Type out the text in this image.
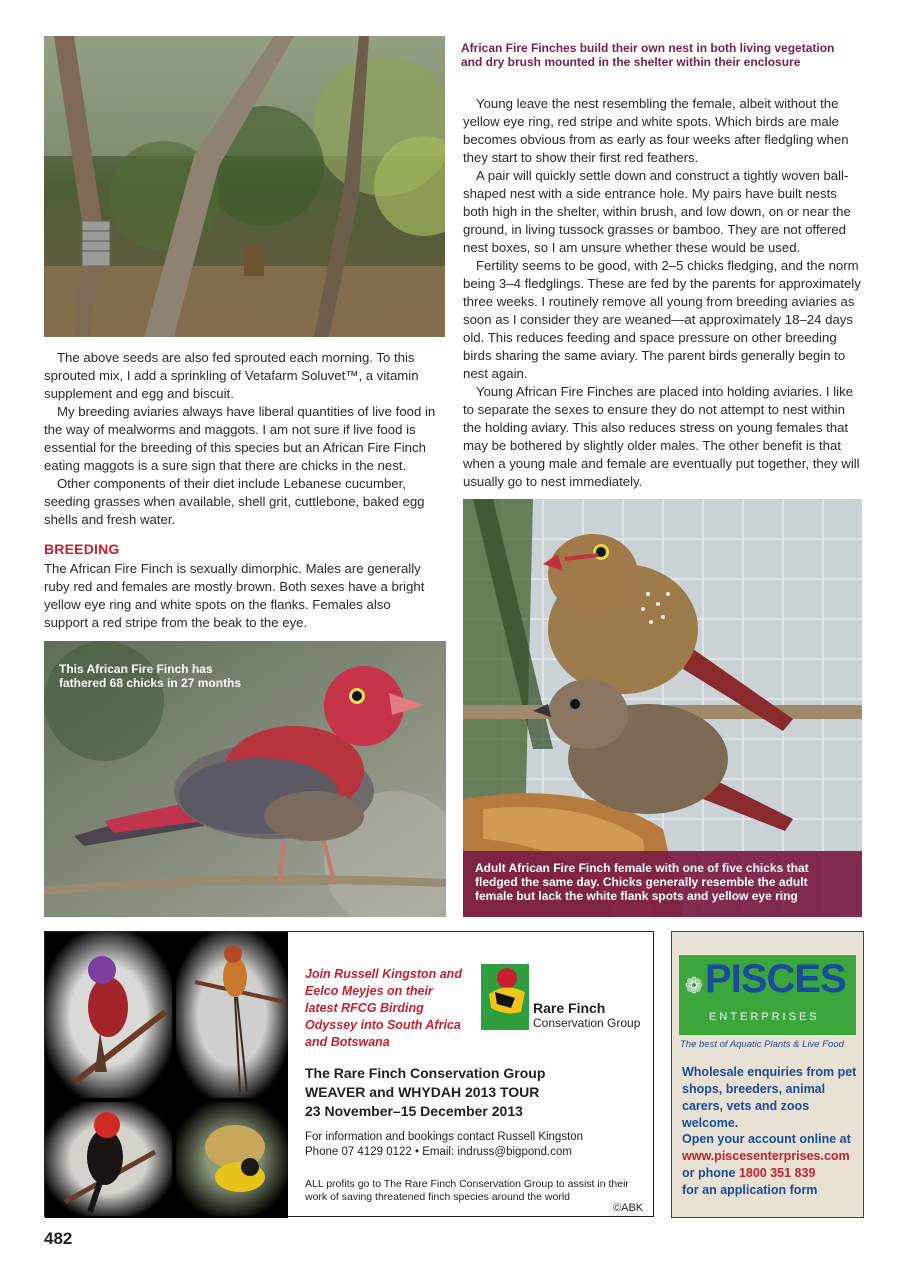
African Fire Finches build their own nest in both living vegetation and dry brush mounted in the shelter within their enclosure

Young leave the nest resembling the female, albeit without the yellow eye ring, red stripe and white spots. Which birds are male becomes obvious from as early as four weeks after fledgling when they start to show their first red feathers.

A pair will quickly settle down and construct a tightly woven ball-shaped nest with a side entrance hole. My pairs have built nests both high in the shelter, within brush, and low down, on or near the ground, in living tussock grasses or bamboo. They are not offered nest boxes, so I am unsure whether these would be used.

Fertility seems to be good, with 2–5 chicks fledging, and the norm being 3–4 fledglings. These are fed by the parents for approximately three weeks. I routinely remove all young from breeding aviaries as soon as I consider they are weaned—at approximately 18–24 days old. This reduces feeding and space pressure on other breeding birds sharing the same aviary. The parent birds generally begin to nest again.

Young African Fire Finches are placed into holding aviaries. I like to separate the sexes to ensure they do not attempt to nest within the holding aviary. This also reduces stress on young females that may be bothered by slightly older males. The other benefit is that when a young male and female are eventually put together, they will usually go to nest immediately.

The above seeds are also fed sprouted each morning. To this sprouted mix, I add a sprinkling of Vetafarm Soluvet™, a vitamin supplement and egg and biscuit.

My breeding aviaries always have liberal quantities of live food in the way of mealworms and maggots. I am not sure if live food is essential for the breeding of this species but an African Fire Finch eating maggots is a sure sign that there are chicks in the nest.

Other components of their diet include Lebanese cucumber, seeding grasses when available, shell grit, cuttlebone, baked egg shells and fresh water.

BREEDING

The African Fire Finch is sexually dimorphic. Males are generally ruby red and females are mostly brown. Both sexes have a bright yellow eye ring and white spots on the flanks. Females also support a red stripe from the beak to the eye.

This African Fire Finch has fathered 68 chicks in 27 months
Adult African Fire Finch female with one of five chicks that fledged the same day. Chicks generally resemble the adult female but lack the white flank spots and yellow eye ring
Join Russell Kingston and Eelco Meyjes on their latest RFCG Birding Odyssey into South Africa and Botswana
Rare Finch
Conservation Group
The Rare Finch Conservation Group
WEAVER and WHYDAH 2013 TOUR
23 November–15 December 2013
For information and bookings contact Russell Kingston
Phone 07 4129 0122 • Email: indruss@bigpond.com
ALL profits go to The Rare Finch Conservation Group to assist in their work of saving threatened finch species around the world
©ABK
❁ PISCES
ENTERPRISES
The best of Aquatic Plants & Live Food
Wholesale enquiries from pet shops, breeders, animal carers, vets and zoos welcome.
Open your account online at
www.piscesenterprises.com
or phone 1800 351 839
for an application form
482
